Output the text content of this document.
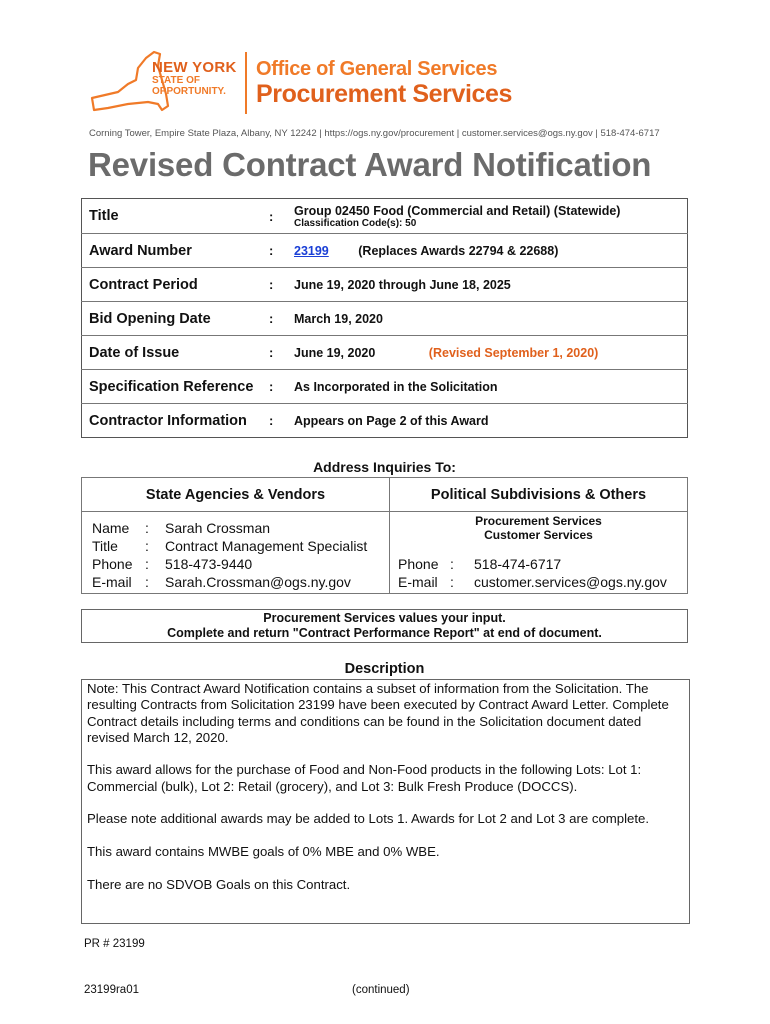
NEW YORK
STATE OF
OPPORTUNITY.
Office of General Services
Procurement Services
Corning Tower, Empire State Plaza, Albany, NY 12242 | https://ogs.ny.gov/procurement | customer.services@ogs.ny.gov | 518-474-6717
Revised Contract Award Notification
Title	:	Group 02450 Food (Commercial and Retail) (Statewide)
Classification Code(s): 50

Award Number	:	23199 (Replaces Awards 22794 & 22688)
Contract Period	:	June 19, 2020 through June 18, 2025
Bid Opening Date	:	March 19, 2020
Date of Issue	:	June 19, 2020 (Revised September 1, 2020)
Specification Reference	:	As Incorporated in the Solicitation
Contractor Information	:	Appears on Page 2 of this Award
Address Inquiries To:
State Agencies & Vendors	Political Subdivisions & Others

Name	:	Sarah Crossman
Title	:	Contract Management Specialist
Phone	:	518-473-9440
E-mail	:	Sarah.Crossman@ogs.ny.gov

Procurement Services
Customer Services
Phone	:	518-474-6717
E-mail	:	customer.services@ogs.ny.gov
Procurement Services values your input.
Complete and return "Contract Performance Report" at end of document.
Description

Note: This Contract Award Notification contains a subset of information from the Solicitation. The resulting Contracts from Solicitation 23199 have been executed by Contract Award Letter. Complete Contract details including terms and conditions can be found in the Solicitation document dated revised March 12, 2020.

This award allows for the purchase of Food and Non-Food products in the following Lots: Lot 1: Commercial (bulk), Lot 2: Retail (grocery), and Lot 3: Bulk Fresh Produce (DOCCS).

Please note additional awards may be added to Lots 1. Awards for Lot 2 and Lot 3 are complete.

This award contains MWBE goals of 0% MBE and 0% WBE.

There are no SDVOB Goals on this Contract.

PR # 23199
23199ra01	(continued)
